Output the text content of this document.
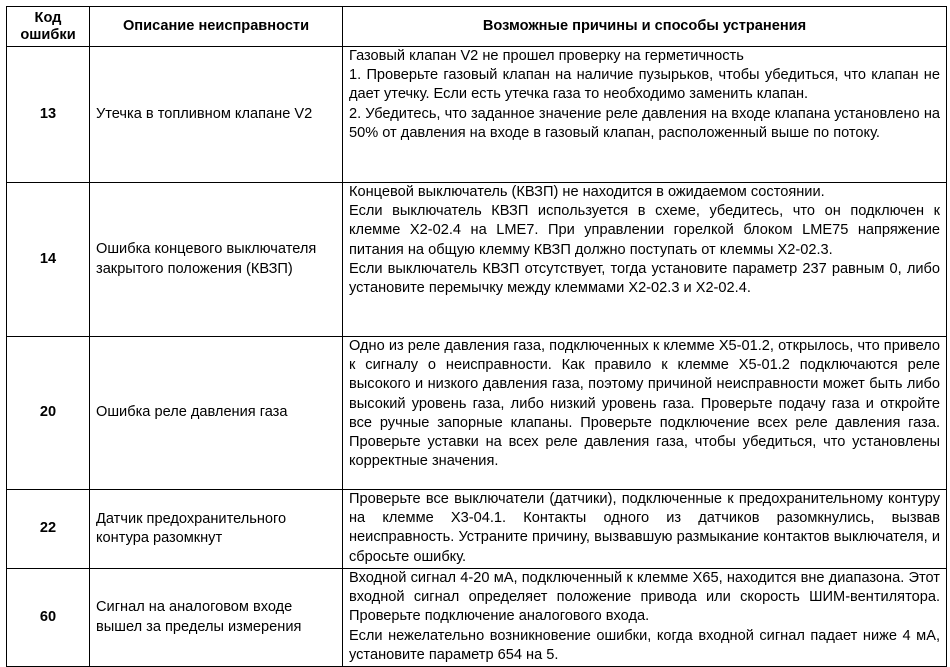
Код
ошибки	Описание неисправности	Возможные причины и способы устранения
13	Утечка в топливном клапане V2	Газовый клапан V2 не прошел проверку на герметичность

1. Проверьте газовый клапан на наличие пузырьков, чтобы убедиться, что клапан не дает утечку. Если есть утечка газа то необходимо заменить клапан.

2. Убедитесь, что заданное значение реле давления на входе клапана установлено на 50% от давления на входе в газовый клапан, расположенный выше по потоку.

14	Ошибка концевого выключателя закрытого положения (КВЗП)	Концевой выключатель (КВЗП) не находится в ожидаемом состоянии.

Если выключатель КВЗП используется в схеме, убедитесь, что он подключен к клемме X2-02.4 на LME7. При управлении горелкой блоком LME75 напряжение питания на общую клемму КВЗП должно поступать от клеммы X2-02.3.

Если выключатель КВЗП отсутствует, тогда установите параметр 237 равным 0, либо установите перемычку между клеммами X2-02.3 и X2-02.4.

20	Ошибка реле давления газа	Одно из реле давления газа, подключенных к клемме X5-01.2, открылось, что привело к сигналу о неисправности. Как правило к клемме X5-01.2 подключаются реле высокого и низкого давления газа, поэтому причиной неисправности может быть либо высокий уровень газа, либо низкий уровень газа. Проверьте подачу газа и откройте все ручные запорные клапаны. Проверьте подключение всех реле давления газа. Проверьте уставки на всех реле давления газа, чтобы убедиться, что установлены корректные значения.

22	Датчик предохранительного контура разомкнут	Проверьте все выключатели (датчики), подключенные к предохранительному контуру на клемме X3-04.1. Контакты одного из датчиков разомкнулись, вызвав неисправность. Устраните причину, вызвавшую размыкание контактов выключателя, и сбросьте ошибку.

60	Сигнал на аналоговом входе вышел за пределы измерения	Входной сигнал 4-20 мА, подключенный к клемме X65, находится вне диапазона. Этот входной сигнал определяет положение привода или скорость ШИМ-вентилятора. Проверьте подключение аналогового входа.

Если нежелательно возникновение ошибки, когда входной сигнал падает ниже 4 мА, установите параметр 654 на 5.
